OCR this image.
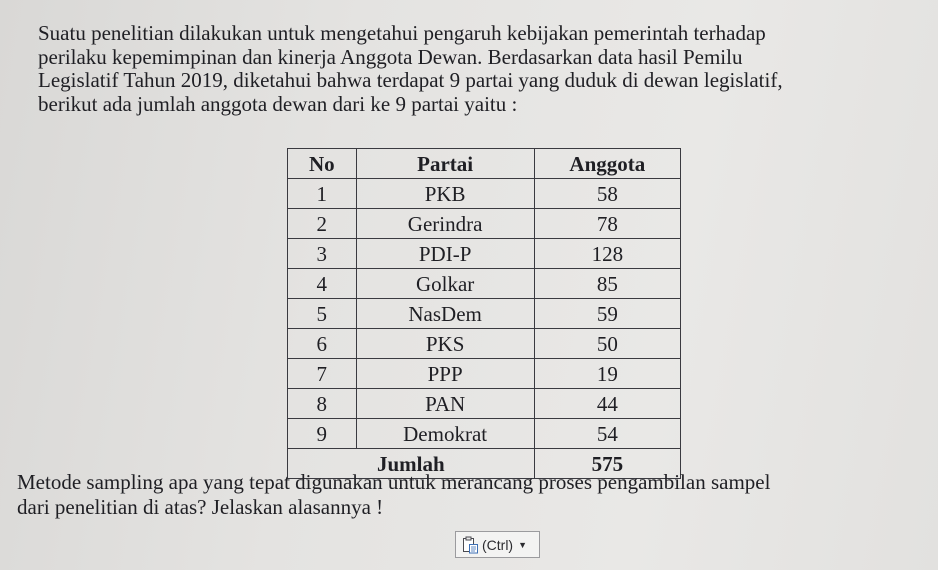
Suatu penelitian dilakukan untuk mengetahui pengaruh kebijakan pemerintah terhadap
perilaku kepemimpinan dan kinerja Anggota Dewan. Berdasarkan data hasil Pemilu
Legislatif Tahun 2019, diketahui bahwa terdapat 9 partai yang duduk di dewan legislatif,
berikut ada jumlah anggota dewan dari ke 9 partai yaitu :

No	Partai	Anggota
1	PKB	58
2	Gerindra	78
3	PDI-P	128
4	Golkar	85
5	NasDem	59
6	PKS	50
7	PPP	19
8	PAN	44
9	Demokrat	54
Jumlah		575

Metode sampling apa yang tepat digunakan untuk merancang proses pengambilan sampel
dari penelitian di atas? Jelaskan alasannya !

(Ctrl) ▼
